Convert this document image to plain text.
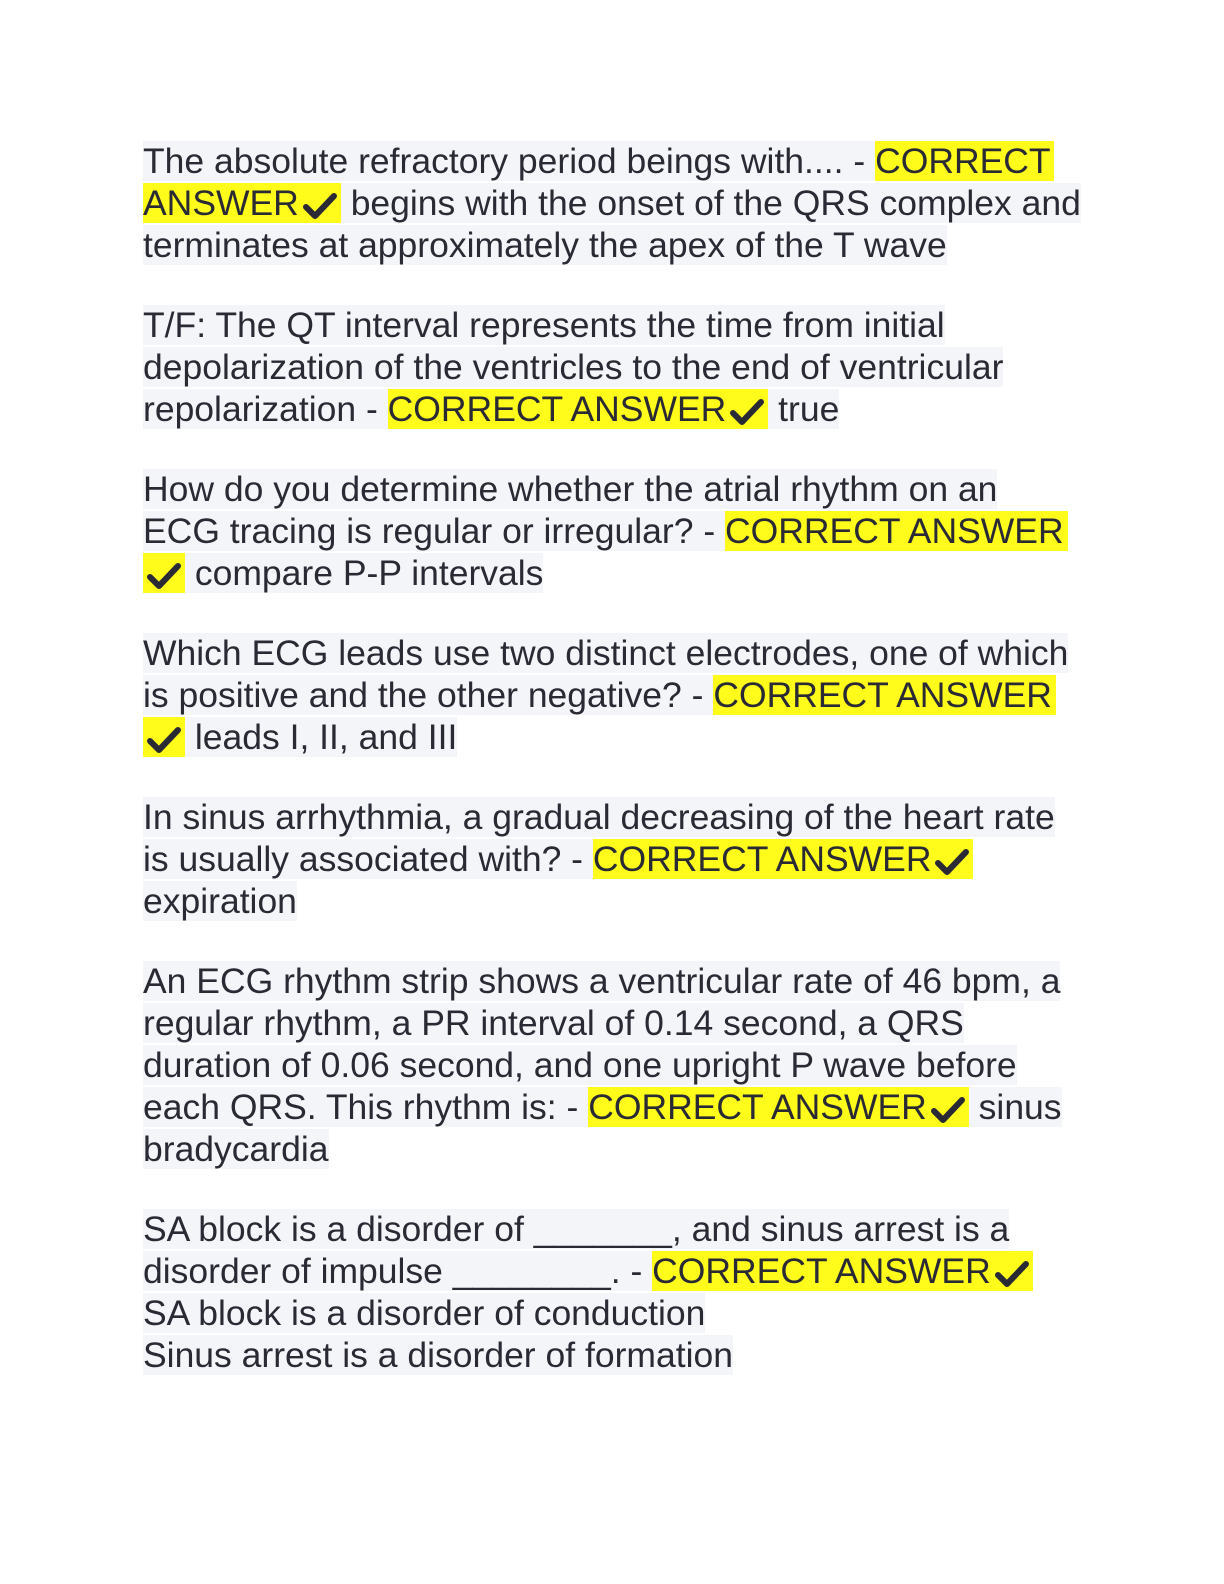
The absolute refractory period beings with.... - CORRECT ANSWER
begins with the onset of the QRS complex and terminates at approximately the apex of the T wave

T/F: The QT interval represents the time from initial depolarization of the ventricles to the end of ventricular repolarization - CORRECT ANSWER
true

How do you determine whether the atrial rhythm on an ECG tracing is regular or irregular? - CORRECT ANSWER
compare P-P intervals

Which ECG leads use two distinct electrodes, one of which is positive and the other negative? - CORRECT ANSWER
leads I, II, and III

In sinus arrhythmia, a gradual decreasing of the heart rate is usually associated with? - CORRECT ANSWER
expiration

An ECG rhythm strip shows a ventricular rate of 46 bpm, a regular rhythm, a PR interval of 0.14 second, a QRS duration of 0.06 second, and one upright P wave before each QRS. This rhythm is: - CORRECT ANSWER
sinus bradycardia

SA block is a disorder of _______, and sinus arrest is a disorder of impulse ________. - CORRECT ANSWER
SA block is a disorder of conduction
Sinus arrest is a disorder of formation
